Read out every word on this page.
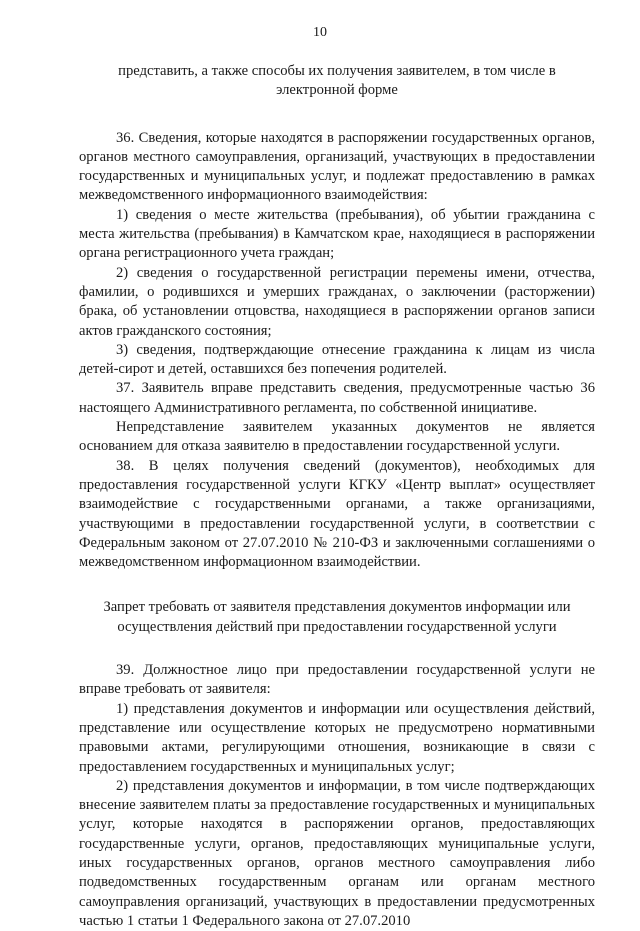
10
представить, а также способы их получения заявителем, в том числе в
электронной форме

36. Сведения, которые находятся в распоряжении государственных органов, органов местного самоуправления, организаций, участвующих в предоставлении государственных и муниципальных услуг, и подлежат предоставлению в рамках межведомственного информационного взаимодействия:

1) сведения о месте жительства (пребывания), об убытии гражданина с места жительства (пребывания) в Камчатском крае, находящиеся в распоряжении органа регистрационного учета граждан;

2) сведения о государственной регистрации перемены имени, отчества, фамилии, о родившихся и умерших гражданах, о заключении (расторжении) брака, об установлении отцовства, находящиеся в распоряжении органов записи актов гражданского состояния;

3) сведения, подтверждающие отнесение гражданина к лицам из числа детей-сирот и детей, оставшихся без попечения родителей.

37. Заявитель вправе представить сведения, предусмотренные частью 36 настоящего Административного регламента, по собственной инициативе.

Непредставление заявителем указанных документов не является основанием для отказа заявителю в предоставлении государственной услуги.

38. В целях получения сведений (документов), необходимых для предоставления государственной услуги КГКУ «Центр выплат» осуществляет взаимодействие с государственными органами, а также организациями, участвующими в предоставлении государственной услуги, в соответствии с Федеральным законом от 27.07.2010 № 210-ФЗ и заключенными соглашениями о межведомственном информационном взаимодействии.

Запрет требовать от заявителя представления документов информации или
осуществления действий при предоставлении государственной услуги

39. Должностное лицо при предоставлении государственной услуги не вправе требовать от заявителя:

1) представления документов и информации или осуществления действий, представление или осуществление которых не предусмотрено нормативными правовыми актами, регулирующими отношения, возникающие в связи с предоставлением государственных и муниципальных услуг;

2) представления документов и информации, в том числе подтверждающих внесение заявителем платы за предоставление государственных и муниципальных услуг, которые находятся в распоряжении органов, предоставляющих государственные услуги, органов, предоставляющих муниципальные услуги, иных государственных органов, органов местного самоуправления либо подведомственных государственным органам или органам местного самоуправления организаций, участвующих в предоставлении предусмотренных частью 1 статьи 1 Федерального закона от 27.07.2010
